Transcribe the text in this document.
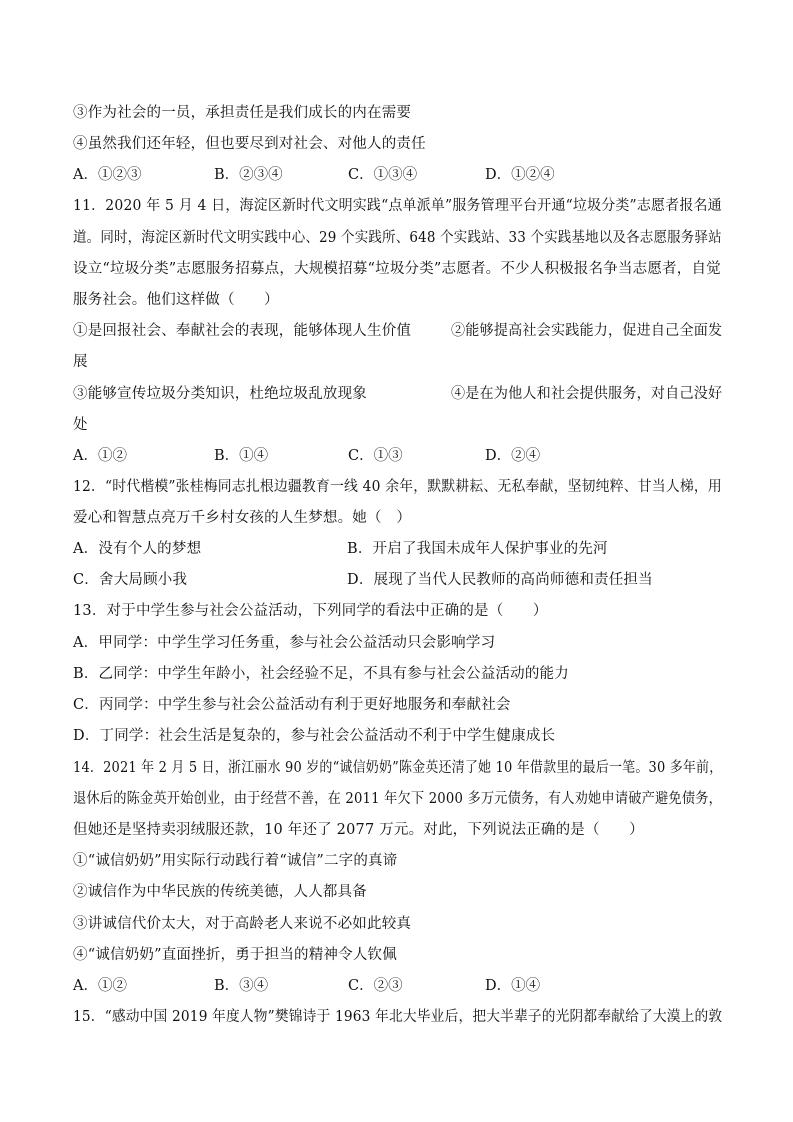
③作为社会的一员，承担责任是我们成长的内在需要
④虽然我们还年轻，但也要尽到对社会、对他人的责任
A．①②③	B．②③④	C．①③④	D．①②④
11．2020 年 5 月 4 日，海淀区新时代文明实践“点单派单”服务管理平台开通“垃圾分类”志愿者报名通
道。同时，海淀区新时代文明实践中心、29 个实践所、648 个实践站、33 个实践基地以及各志愿服务驿站
设立“垃圾分类”志愿服务招募点，大规模招募“垃圾分类”志愿者。不少人积极报名争当志愿者，自觉
服务社会。他们这样做（　　）
①是回报社会、奉献社会的表现，能够体现人生价值	②能够提高社会实践能力，促进自己全面发
展
③能够宣传垃圾分类知识，杜绝垃圾乱放现象	④是在为他人和社会提供服务，对自己没好
处
A．①②	B．①④	C．①③	D．②④
12．“时代楷模”张桂梅同志扎根边疆教育一线 40 余年，默默耕耘、无私奉献，坚韧纯粹、甘当人梯，用
爱心和智慧点亮万千乡村女孩的人生梦想。她（　）
A．没有个人的梦想	B．开启了我国未成年人保护事业的先河
C．舍大局顾小我	D．展现了当代人民教师的高尚师德和责任担当
13．对于中学生参与社会公益活动，下列同学的看法中正确的是（　　）
A．甲同学：中学生学习任务重，参与社会公益活动只会影响学习
B．乙同学：中学生年龄小，社会经验不足，不具有参与社会公益活动的能力
C．丙同学：中学生参与社会公益活动有利于更好地服务和奉献社会
D．丁同学：社会生活是复杂的，参与社会公益活动不利于中学生健康成长
14．2021 年 2 月 5 日，浙江丽水 90 岁的“诚信奶奶”陈金英还清了她 10 年借款里的最后一笔。30 多年前，
退休后的陈金英开始创业，由于经营不善，在 2011 年欠下 2000 多万元债务，有人劝她申请破产避免债务，
但她还是坚持卖羽绒服还款，10 年还了 2077 万元。对此，下列说法正确的是（　　）
①“诚信奶奶”用实际行动践行着“诚信”二字的真谛
②诚信作为中华民族的传统美德，人人都具备
③讲诚信代价太大，对于高龄老人来说不必如此较真
④“诚信奶奶”直面挫折，勇于担当的精神令人钦佩
A．①②	B．③④	C．②③	D．①④
15．“感动中国 2019 年度人物”樊锦诗于 1963 年北大毕业后，把大半辈子的光阴都奉献给了大漠上的敦
